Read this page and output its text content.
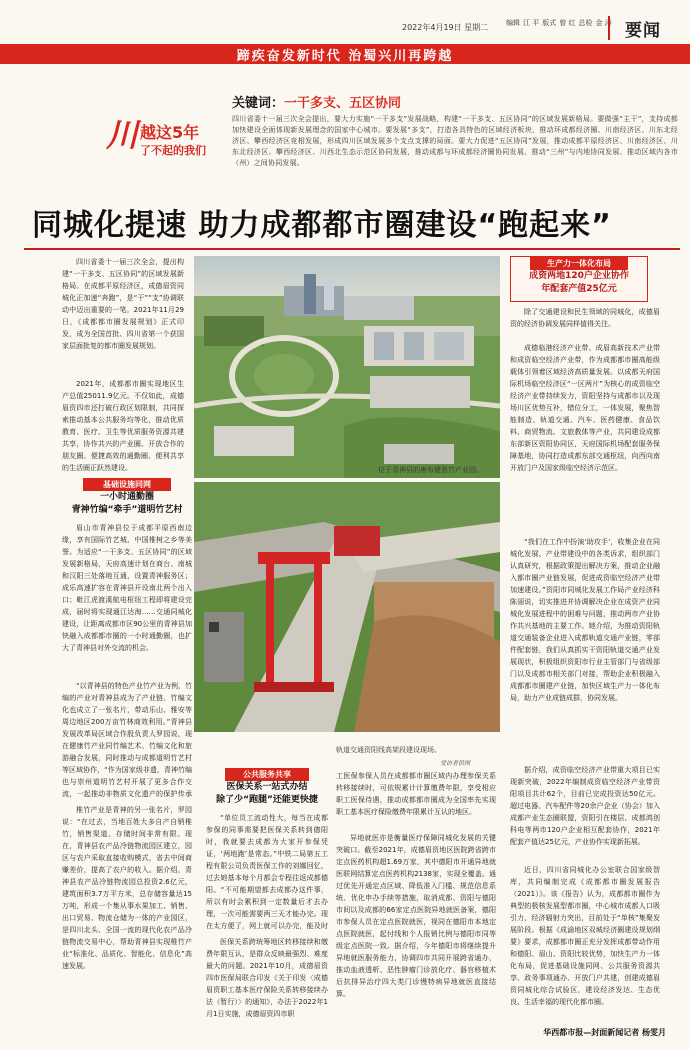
编辑 江 平 版式 曾 红 总检 金 涛
2022年4月19日 星期二	要闻
蹄疾奋发新时代 治蜀兴川再跨越
川 越这5年
了不起的我们
关键词：一干多支、五区协同
四川省委十一届三次全会提出，要大力实施“一干多支”发展战略，构建“一干多支、五区协同”的区域发展新格局。要做强“主干”，支持成都加快建设全面体现新发展理念的国家中心城市。要发展“多支”，打造各具特色的区域经济板块，推动环成都经济圈、川南经济区、川东北经济区、攀西经济区竞相发展，形成四川区域发展多个支点支撑的局面。要大力促进“五区协同”发展，推动成都平原经济区、川南经济区、川东北经济区、攀西经济区、川西北生态示范区协同发展，推动成都与环成都经济圈协同发展、推动“三州”与内地协同发展、推动区域内各市（州）之间协同发展。
同城化提速 助力成都都市圈建设“跑起来”
四川省委十一届三次全会，提出构建“一干多支、五区协同”的区域发展新格局。在成都平原经济区，成德眉资同城化正加速“奔跑”，是“干”“支”协调联动中迈出重要的一笔。2021年11月29日，《成都都市圈发展规划》正式印发，成为全国首批、四川省第一个获国家层面批复的都市圈发展规划。
2021年，成都都市圈实现地区生产总值25011.9亿元。不仅如此，成德眉资四市还打破行政区划限制，共同探索推动基本公共服务均等化，推动优质教育、医疗、卫生等优质服务资源共建共享，协作共兴的产业圈、开放合作的朋友圈、便捷高效的通勤圈、便利共享的生活圈正跃然建设。
基础设施同网
一小时通勤圈
青神竹编“牵手”道明竹艺村
眉山市青神县位于成都平原西南边缘，享有国际竹艺城、中国椎树之乡等美誉。为适应“一干多支、五区协同”的区域发展新格局，天府高速计划在商台、南城和汉阳三处落地互通，设置青神服务区；成乐高速扩容在青神县开设南北两个出入口；毗江虎渡溪航电枢纽工程即将建设完成，届时将实现通江达海……交通同城化建设，让距离成都市区90公里的青神县加快融入成都都市圈的一小时通勤圈，也扩大了青神县对外交流的机会。
“以青神县的特色产业竹产业为例，竹编的产业对青神县成为了产业链、竹编文化也成立了一张名片，带动乐山、雅安等周边地区200万亩竹林商效利用。”青神县发展改革局区域合作股负责人罗园说，现在健康竹产业同竹编艺术、竹编文化和旅游融合发展，同时推动与成都道明竹艺村等区域协作，“作为国家级非遗，青神竹编也与崇州道明竹艺村开展了更多合作交流，一起推动非物质文化遗产的保护传承
椎竹产业是青神的另一张名片，罗园说：“在过去，当地百姓大多自产自销椎竹，销售渠道、存储时间非常有限。现在，青神县农产品冷链物流园区建立，园区与农户采取直接收购模式，省去中间商赚差价，提高了农户的收入。据介绍，青神县农产品冷链物流园总投资2.6亿元，建筑面积3.7万平方米，总存储容量达15万吨，形成一个集从事水果加工、销售、出口贸易、物流仓储为一体的产业园区，是四川北头、全国一流的现代化农产品冷链物流交易中心，帮助青神县实现椎竹产业“标准化、品质化、智能化、信息化”高速发展。
位于青神县的唐布键意竹产业园。
轨道交通资阳线高架段建设现场。
受访者供图
公共服务共享
医保关系一站式办结
除了少“跑腿”还能更快捷
“单位员工流动性大，每当在成都参保的同事需要把医保关系转到德阳时，我就要去成都为大家开参保凭证，‘两地跑’是常态。”中铁二局第五工程有限公司负责医保工作的刘娜回忆，过去她基本每个月都会专程往返成都德阳。“不可能期望都去成都办这件事，所以有时会累积到一定数量后才去办理，一次可能需要两三天才能办完。现在太方便了，网上就可以办完，能及时
医保关系跨统筹地区转移接续和缴费年限互认，是群众反映最强烈、难度最大的问题。2021年10月，成德眉资四市医保局联合印发《关于印发〈成德眉资职工基本医疗保险关系转移接续办法（暂行）〉的通知》，办法于2022年1月1日实施，成德眉资四市职
工医保参保人员在成都都市圈区域内办理参保关系转移接续时，可依规累计计算缴费年限，享受相应职工医保待遇，推动成都都市圈成为全国率先实现职工基本医疗保险缴费年限累计互认的地区。
异地就医亦是衡量医疗保障同城化发展的关键突破口。截至2021年，成德眉资地区医院跨省跨市定点医药机构超1.69万家，其中德阳市开通异地就医联网结算定点医药机构2138家，实现全覆盖。通过优先开通定点区域、降低准入门槛、规范信息系统、优化申办手续等措施，取消成都、资阳与德阳市间以及成都的66家定点医院异地就医备案，德阳市参保人员在定点医院就医，视同在德阳市本地定点医院就医，起付线和个人报销比例与德阳市同等级定点医院一致。据介绍，今年德阳市将继续提升异地就医服务能力，协调四市共同开展跨省通办，推动血液透析、恶性肿瘤门诊放化疗、器官移植术后抗排异治疗四大类门诊慢特病异地就医直接结算。
生产力一体化布局
成资两地120户企业协作
年配套产值25亿元
除了交通建设和民生领域的同城化，成德眉资的经济协调发展同样值得关注。
成德临港经济产业带、成眉高新技术产业带和成资临空经济产业带，作为成都都市圈高能级载体引领着区域经济高质量发展。以成都天府国际机场临空经济区“一区两片”为核心的成资临空经济产业带持续发力，资阳坚持与成都市以及现场川区优势互补，错位分工，一体发展，聚焦智能制造、轨道交通、汽车、医药健康、食品饮料、商贸物流、文旅教体等产业，共同建设成都东部新区资阳协同区，天府国际机场配套服务保障基地，协同打造成都东部交通枢纽，向西向南开放门户及国家级临空经济示范区。
“我们在工作中扮演‘助攻手’，收集企业在同城化发展、产业带建设中的各类诉求，组织部门认真研究，根据政策提出解决方案，推动企业融入都市圈产业链发展，促进成资临空经济产业带加速建设。”资阳市同城化发展工作局产业经济科陈丽说，切实推进并协调解决企业在成资产业同城化发展进程中的困难与问题，推动两市产业协作共兴基地的主要工作。她介绍，为推动资阳轨道交通装备企业进入成都轨道交通产业链，零部件配套链，我们从真抓实干资阳轨道交通产业发展现状，积极组织资阳市行业主管部门与省级部门以及成都市相关部门对接，帮助企业积极融入成都都市圈建产业链，加快区域生产力一体化布局，助力产业成链成群，协同发展。
据介绍，成资临空经济产业带重大项目已实现新突破，2022年编制成资临空经济产业带资阳项目共计62个，目前已完成投资达50亿元。超过电器、汽车配件等20余户企业（协会）加入成都产业生态圈联盟，资阳引在楼层、成都鸿创科电等两市120户企业相互配套协作，2021年配套产值达25亿元，产业协作实现新拓展。
近日，四川省同城化办公室联合国家级智库，共同编制完成《成都都市圈发展报告（2021）》。该《报告》认为，成都都市圈作为典型的极核发展型都市圈，中心城市成都人口吸引力，经济辐射力突出，目前处于“单核”集聚发展阶段。根据《成渝地区双城经济圈建设规划纲要》要求，成都都市圈正充分发挥成都带动作用和德阳、眉山、资阳比较优势，加快生产力一体化布局，促进基础设施同网、公共服务资源共享、政务事项通办、开放门户共建，创建成德眉资同城化综合试验区，建设经济发达、生态优良、生活幸福的现代化都市圈。
华西都市报—封面新闻记者 杨雯月
